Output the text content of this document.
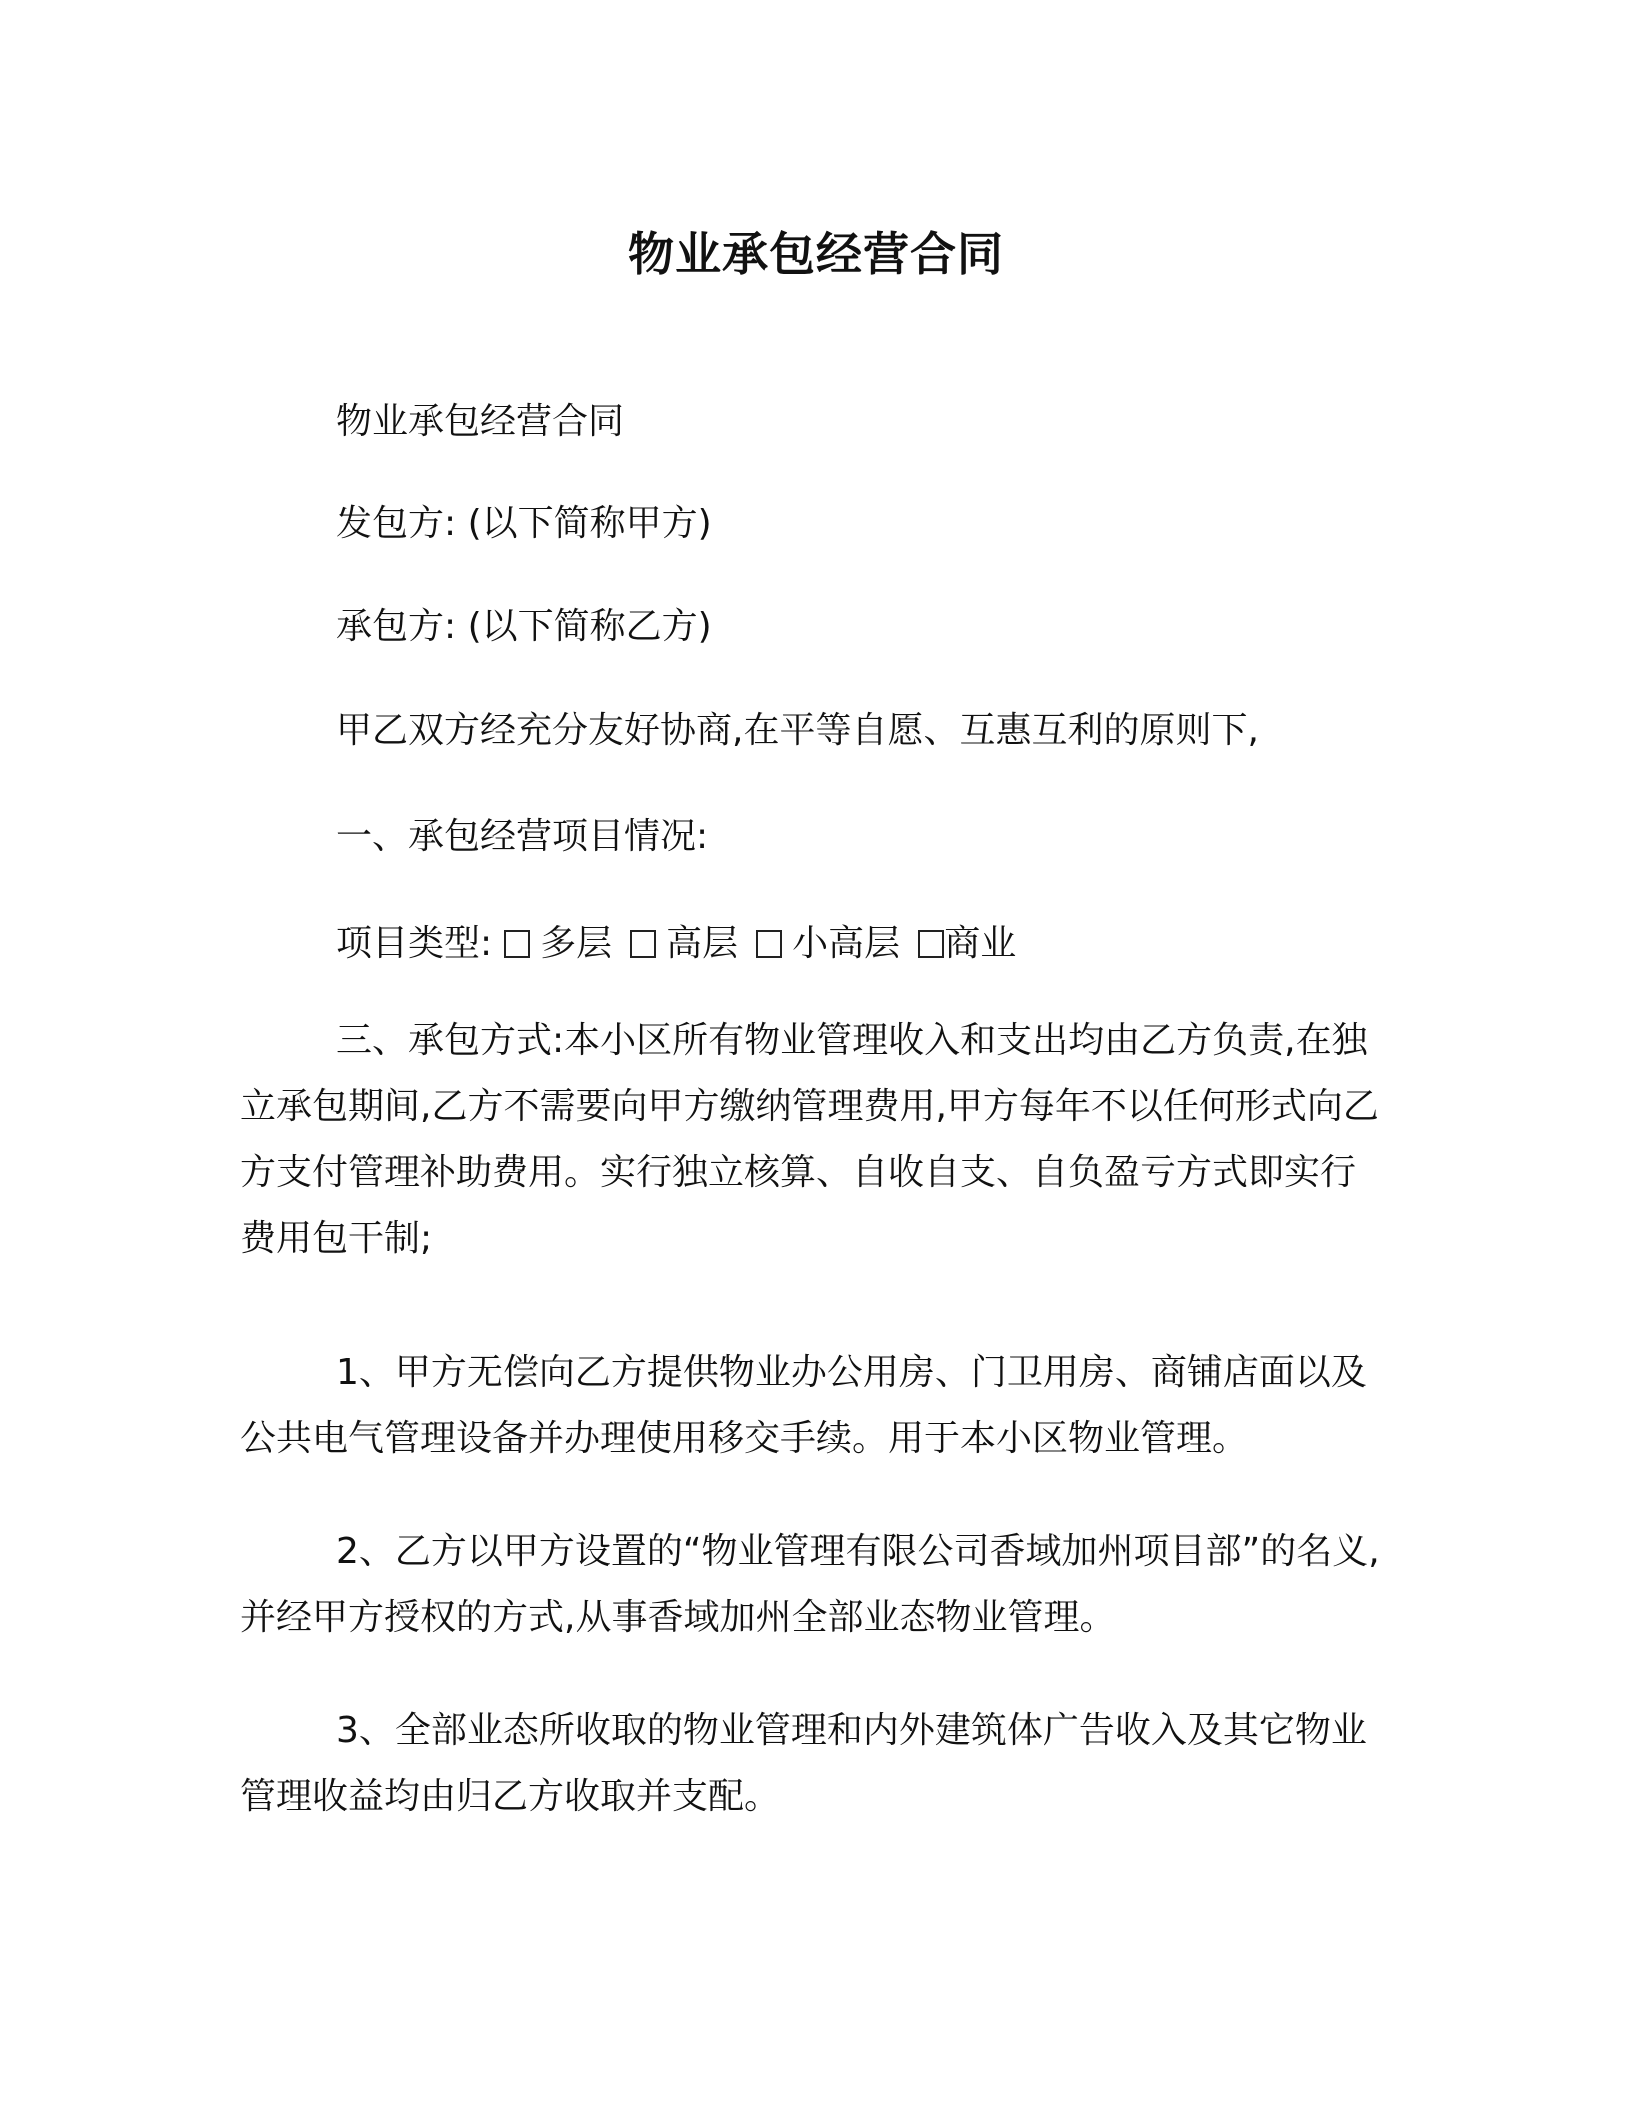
物业承包经营合同
物业承包经营合同
发包方: (以下简称甲方)
承包方: (以下简称乙方)
甲乙双方经充分友好协商,在平等自愿、互惠互利的原则下,
一、承包经营项目情况:
项目类型: 多层 高层 小高层 商业

三、承包方式:本小区所有物业管理收入和支出均由乙方负责,在独立承包期间,乙方不需要向甲方缴纳管理费用,甲方每年不以任何形式向乙方支付管理补助费用。实行独立核算、自收自支、自负盈亏方式即实行费用包干制;

1、甲方无偿向乙方提供物业办公用房、门卫用房、商铺店面以及公共电气管理设备并办理使用移交手续。用于本小区物业管理。

2、乙方以甲方设置的“物业管理有限公司香域加州项目部”的名义,并经甲方授权的方式,从事香域加州全部业态物业管理。

3、全部业态所收取的物业管理和内外建筑体广告收入及其它物业管理收益均由归乙方收取并支配。
